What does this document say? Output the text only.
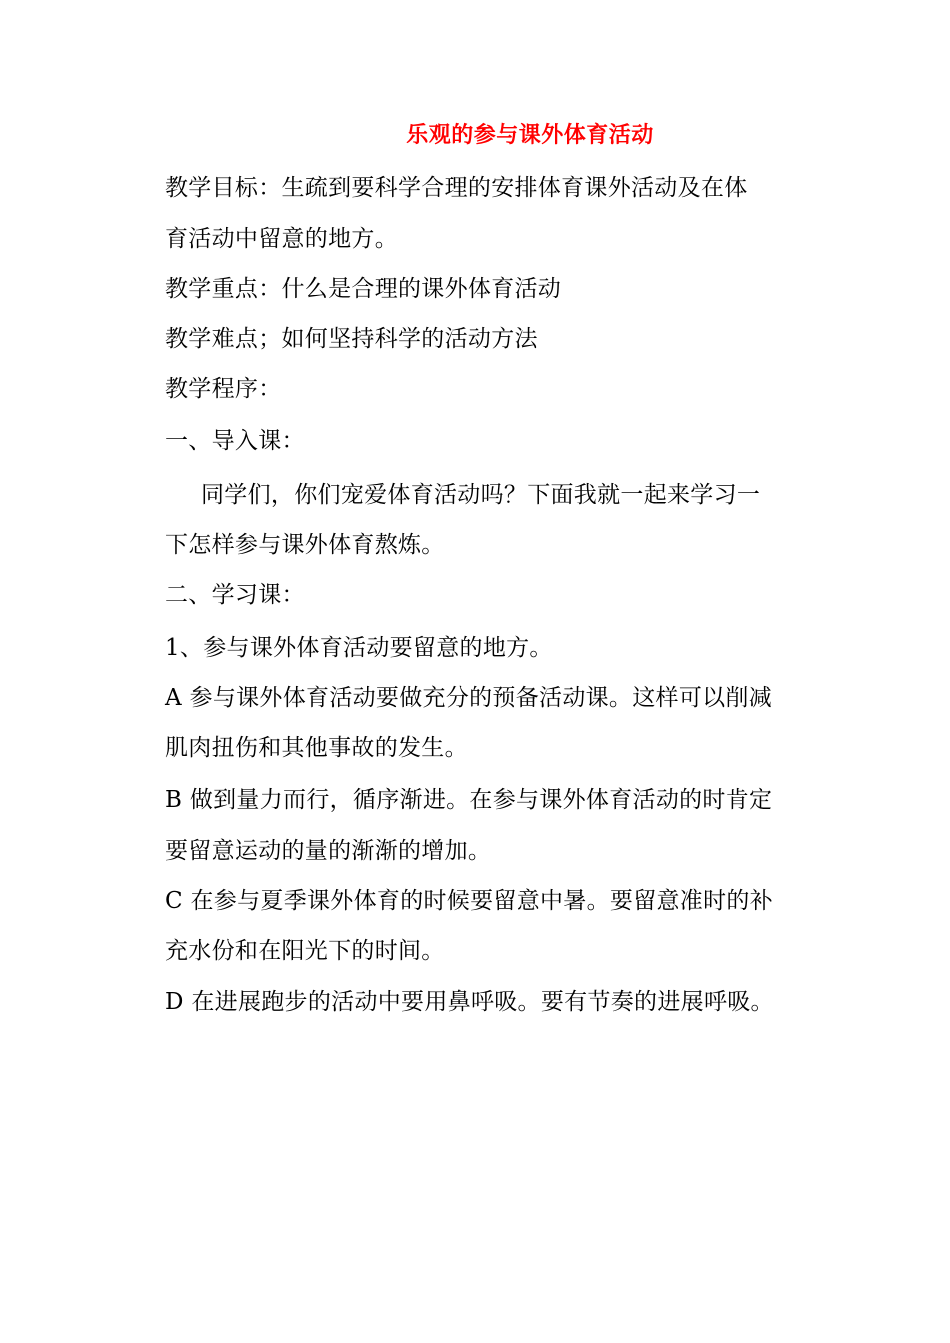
乐观的参与课外体育活动
教学目标：生疏到要科学合理的安排体育课外活动及在体
育活动中留意的地方。
教学重点：什么是合理的课外体育活动
教学难点；如何坚持科学的活动方法
教学程序：
一、导入课：
同学们，你们宠爱体育活动吗？下面我就一起来学习一
下怎样参与课外体育熬炼。
二、学习课：
1、参与课外体育活动要留意的地方。
A 参与课外体育活动要做充分的预备活动课。这样可以削减
肌肉扭伤和其他事故的发生。
B 做到量力而行，循序渐进。在参与课外体育活动的时肯定
要留意运动的量的渐渐的增加。
C 在参与夏季课外体育的时候要留意中暑。要留意准时的补
充水份和在阳光下的时间。
D 在进展跑步的活动中要用鼻呼吸。要有节奏的进展呼吸。
